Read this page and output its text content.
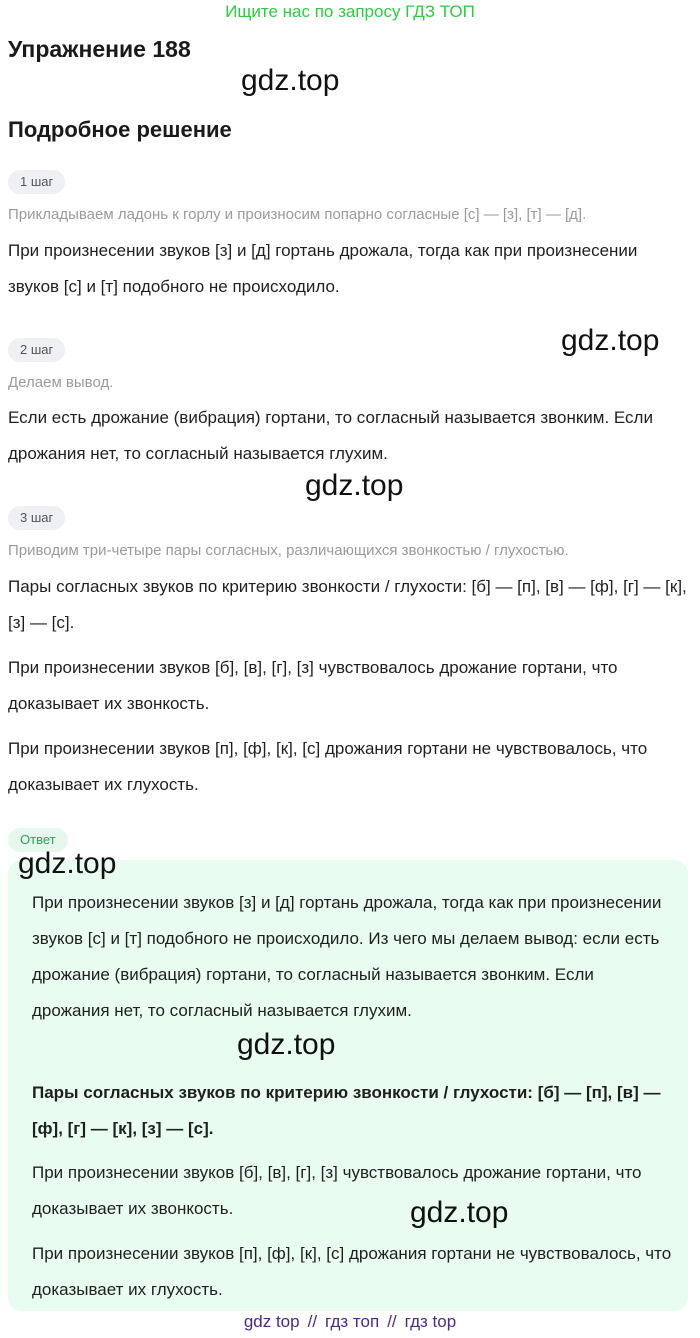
Ищите нас по запросу ГДЗ ТОП
Упражнение 188
gdz.top
Подробное решение
1 шаг
Прикладываем ладонь к горлу и произносим попарно согласные [с] — [з], [т] — [д].
При произнесении звуков [з] и [д] гортань дрожала, тогда как при произнесении звуков [с] и [т] подобного не происходило.
gdz.top
2 шаг
Делаем вывод.
Если есть дрожание (вибрация) гортани, то согласный называется звонким. Если дрожания нет, то согласный называется глухим.
gdz.top
3 шаг
Приводим три-четыре пары согласных, различающихся звонкостью / глухостью.
Пары согласных звуков по критерию звонкости / глухости: [б] — [п], [в] — [ф], [г] — [к], [з] — [с].
При произнесении звуков [б], [в], [г], [з] чувствовалось дрожание гортани, что доказывает их звонкость.
При произнесении звуков [п], [ф], [к], [с] дрожания гортани не чувствовалось, что доказывает их глухость.
Ответ
gdz.top
При произнесении звуков [з] и [д] гортань дрожала, тогда как при произнесении звуков [с] и [т] подобного не происходило. Из чего мы делаем вывод: если есть дрожание (вибрация) гортани, то согласный называется звонким. Если дрожания нет, то согласный называется глухим.
gdz.top
Пары согласных звуков по критерию звонкости / глухости: [б] — [п], [в] — [ф], [г] — [к], [з] — [с].
При произнесении звуков [б], [в], [г], [з] чувствовалось дрожание гортани, что доказывает их звонкость.	gdz.top
При произнесении звуков [п], [ф], [к], [с] дрожания гортани не чувствовалось, что доказывает их глухость.
gdz top // гдз топ // гдз top
